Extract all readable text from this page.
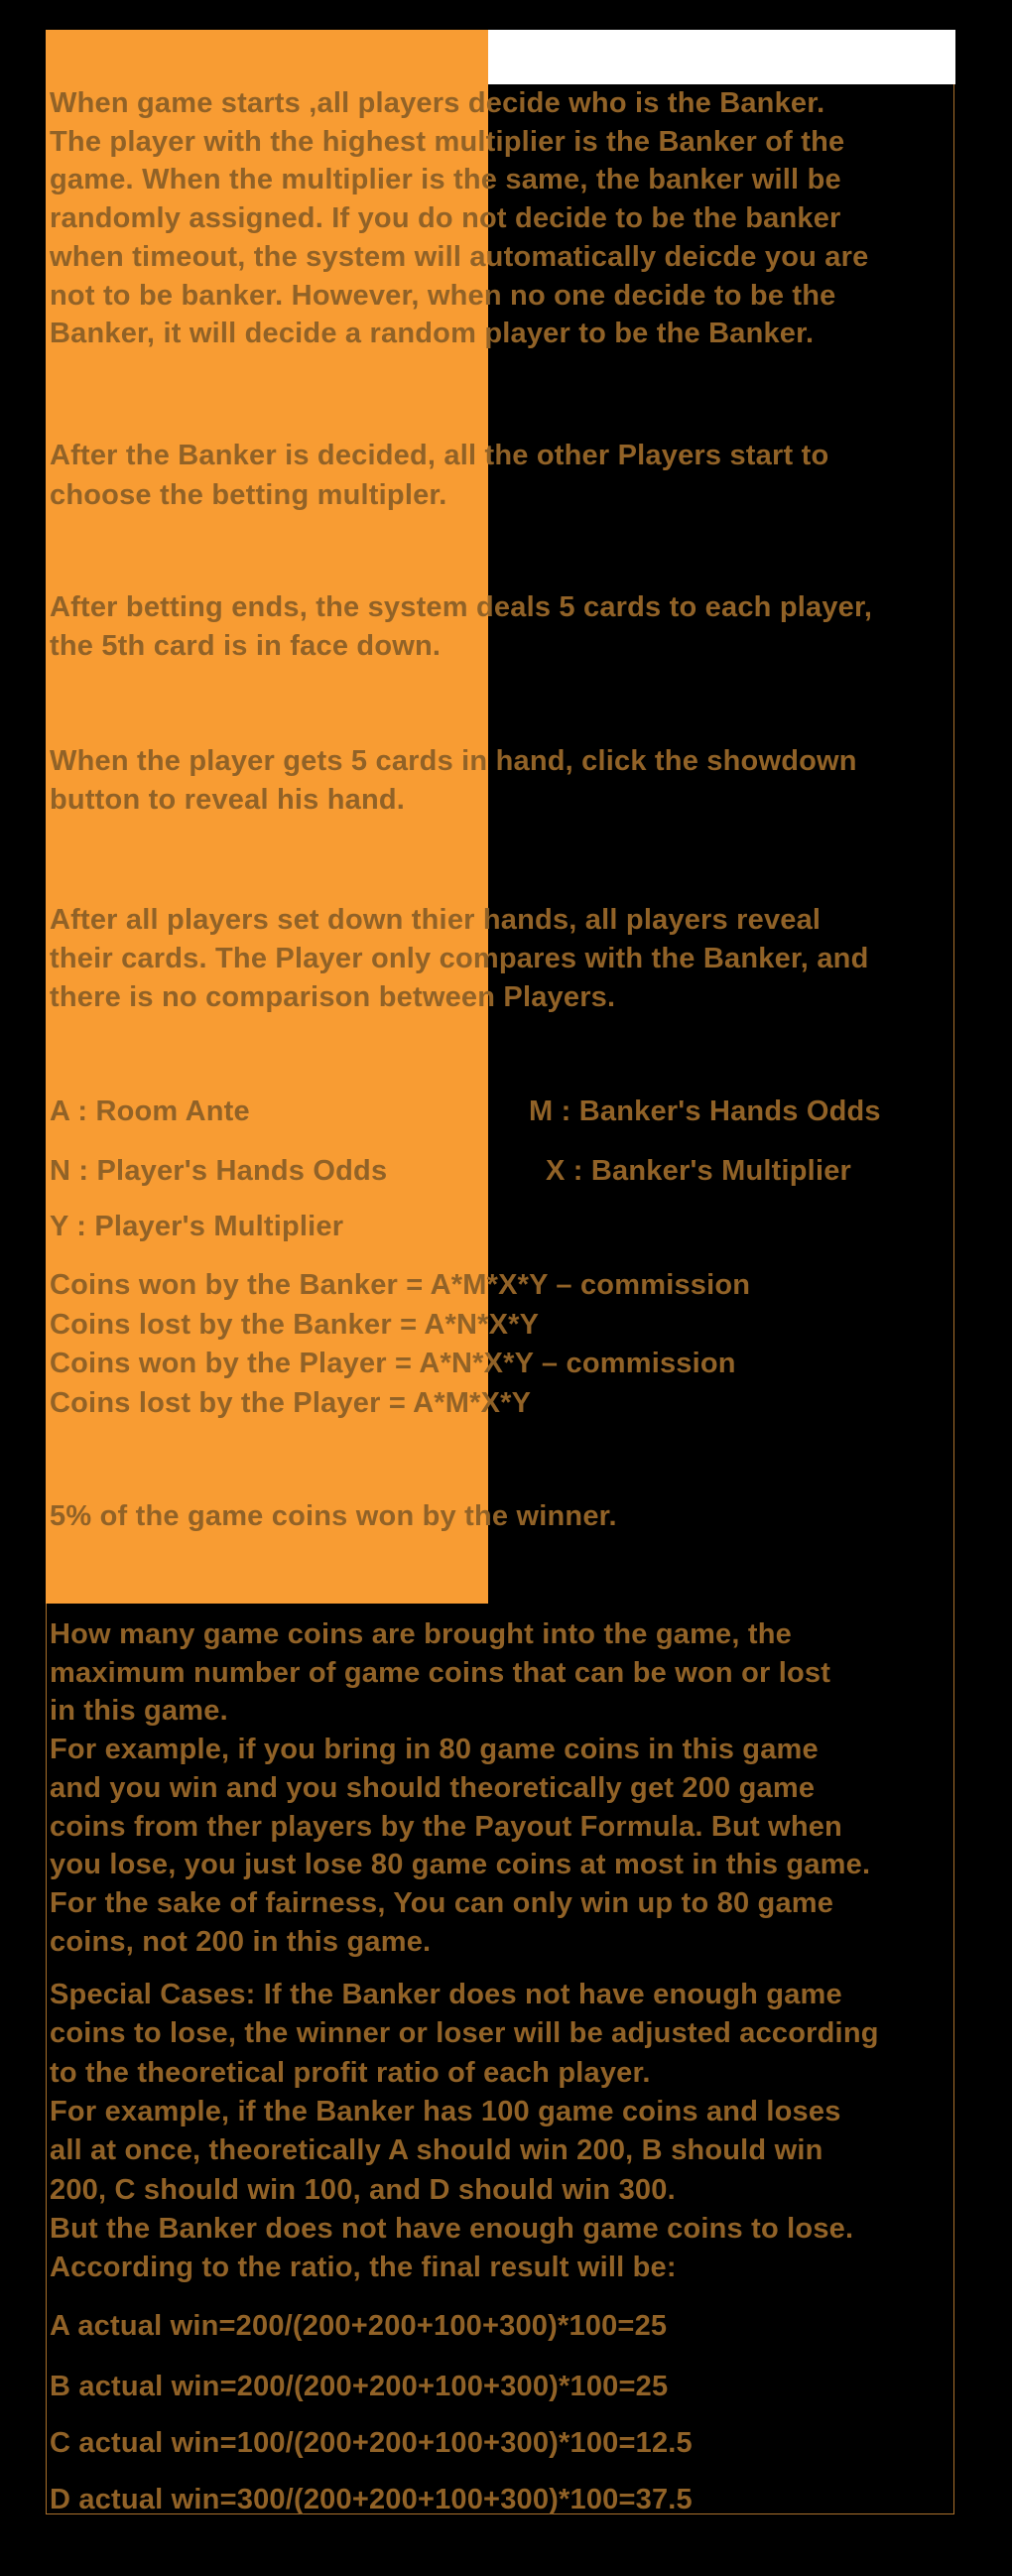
When game starts ,all players decide who is the Banker.
The player with the highest multiplier is the Banker of the
game. When the multiplier is the same, the banker will be
randomly assigned. If you do not decide to be the banker
when timeout, the system will automatically deicde you are
not to be banker. However, when no one decide to be the
Banker, it will decide a random player to be the Banker.
After the Banker is decided, all the other Players start to
choose the betting multipler.
After betting ends, the system deals 5 cards to each player,
the 5th card is in face down.
When the player gets 5 cards in hand, click the showdown
button to reveal his hand.
After all players set down thier hands, all players reveal
their cards. The Player only compares with the Banker, and
there is no comparison between Players.
A : Room Ante	M : Banker's Hands Odds
N : Player's Hands Odds	X : Banker's Multiplier
Y : Player's Multiplier
Coins won by the Banker = A*M*X*Y – commission
Coins lost by the Banker = A*N*X*Y
Coins won by the Player = A*N*X*Y – commission
Coins lost by the Player = A*M*X*Y
5% of the game coins won by the winner.
How many game coins are brought into the game, the
maximum number of game coins that can be won or lost
in this game.
For example, if you bring in 80 game coins in this game
and you win and you should theoretically get 200 game
coins from ther players by the Payout Formula. But when
you lose, you just lose 80 game coins at most in this game.
For the sake of fairness, You can only win up to 80 game
coins, not 200 in this game.
Special Cases: If the Banker does not have enough game
coins to lose, the winner or loser will be adjusted according
to the theoretical profit ratio of each player.
For example, if the Banker has 100 game coins and loses
all at once, theoretically A should win 200, B should win
200, C should win 100, and D should win 300.
But the Banker does not have enough game coins to lose.
According to the ratio, the final result will be:
A actual win=200/(200+200+100+300)*100=25
B actual win=200/(200+200+100+300)*100=25
C actual win=100/(200+200+100+300)*100=12.5
D actual win=300/(200+200+100+300)*100=37.5
